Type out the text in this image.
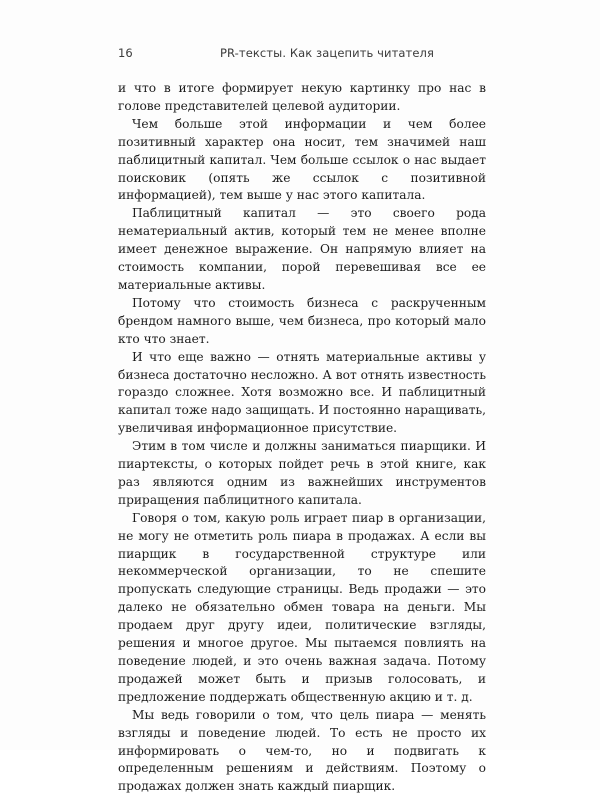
16	PR-тексты. Как зацепить читателя

и что в итоге формирует некую картинку про нас в голове представителей целевой аудитории.

Чем больше этой информации и чем более позитивный характер она носит, тем значимей наш паблицитный капитал. Чем больше ссылок о нас выдает поисковик (опять же ссылок с позитивной информацией), тем выше у нас этого капитала.

Паблицитный капитал — это своего рода нематериальный актив, который тем не менее вполне имеет денежное выражение. Он напрямую влияет на стоимость компании, порой перевешивая все ее материальные активы.

Потому что стоимость бизнеса с раскрученным брендом намного выше, чем бизнеса, про который мало кто что знает.

И что еще важно — отнять материальные активы у бизнеса достаточно несложно. А вот отнять известность гораздо сложнее. Хотя возможно все. И паблицитный капитал тоже надо защищать. И постоянно наращивать, увеличивая информационное присутствие.

Этим в том числе и должны заниматься пиарщики. И пиартексты, о которых пойдет речь в этой книге, как раз являются одним из важнейших инструментов приращения паблицитного капитала.

Говоря о том, какую роль играет пиар в организации, не могу не отметить роль пиара в продажах. А если вы пиарщик в государственной структуре или некоммерческой организации, то не спешите пропускать следующие страницы. Ведь продажи — это далеко не обязательно обмен товара на деньги. Мы продаем друг другу идеи, политические взгляды, решения и многое другое. Мы пытаемся повлиять на поведение людей, и это очень важная задача. Потому продажей может быть и призыв голосовать, и предложение поддержать общественную акцию и т. д.

Мы ведь говорили о том, что цель пиара — менять взгляды и поведение людей. То есть не просто их информировать о чем-то, но и подвигать к определенным решениям и действиям. Поэтому о продажах должен знать каждый пиарщик.
